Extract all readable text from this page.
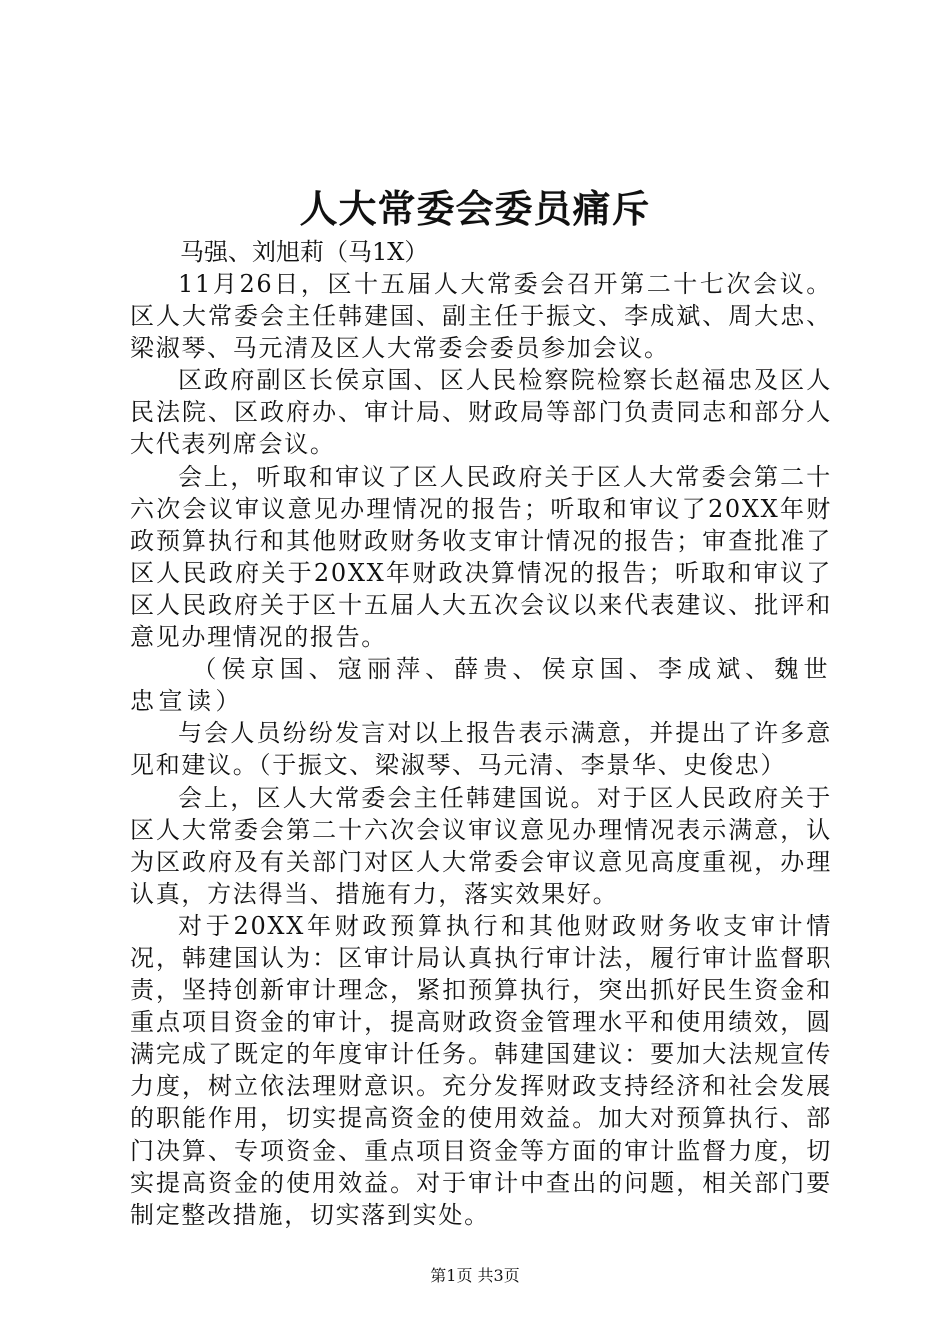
人大常委会委员痛斥
马强、刘旭莉（马1X）

11月26日，区十五届人大常委会召开第二十七次会议。区人大常委会主任韩建国、副主任于振文、李成斌、周大忠、梁淑琴、马元清及区人大常委会委员参加会议。

区政府副区长侯京国、区人民检察院检察长赵福忠及区人民法院、区政府办、审计局、财政局等部门负责同志和部分人大代表列席会议。

会上，听取和审议了区人民政府关于区人大常委会第二十六次会议审议意见办理情况的报告；听取和审议了20XX年财政预算执行和其他财政财务收支审计情况的报告；审查批准了区人民政府关于20XX年财政决算情况的报告；听取和审议了区人民政府关于区十五届人大五次会议以来代表建议、批评和意见办理情况的报告。

（侯京国、寇丽萍、薛贵、侯京国、李成斌、魏世忠宣读）

与会人员纷纷发言对以上报告表示满意，并提出了许多意见和建议。（于振文、梁淑琴、马元清、李景华、史俊忠）

会上，区人大常委会主任韩建国说。对于区人民政府关于区人大常委会第二十六次会议审议意见办理情况表示满意，认为区政府及有关部门对区人大常委会审议意见高度重视，办理认真，方法得当、措施有力，落实效果好。

对于20XX年财政预算执行和其他财政财务收支审计情况，韩建国认为：区审计局认真执行审计法，履行审计监督职责，坚持创新审计理念，紧扣预算执行，突出抓好民生资金和重点项目资金的审计，提高财政资金管理水平和使用绩效，圆满完成了既定的年度审计任务。韩建国建议：要加大法规宣传力度，树立依法理财意识。充分发挥财政支持经济和社会发展的职能作用，切实提高资金的使用效益。加大对预算执行、部门决算、专项资金、重点项目资金等方面的审计监督力度，切实提高资金的使用效益。对于审计中查出的问题，相关部门要制定整改措施，切实落到实处。

第1页 共3页
